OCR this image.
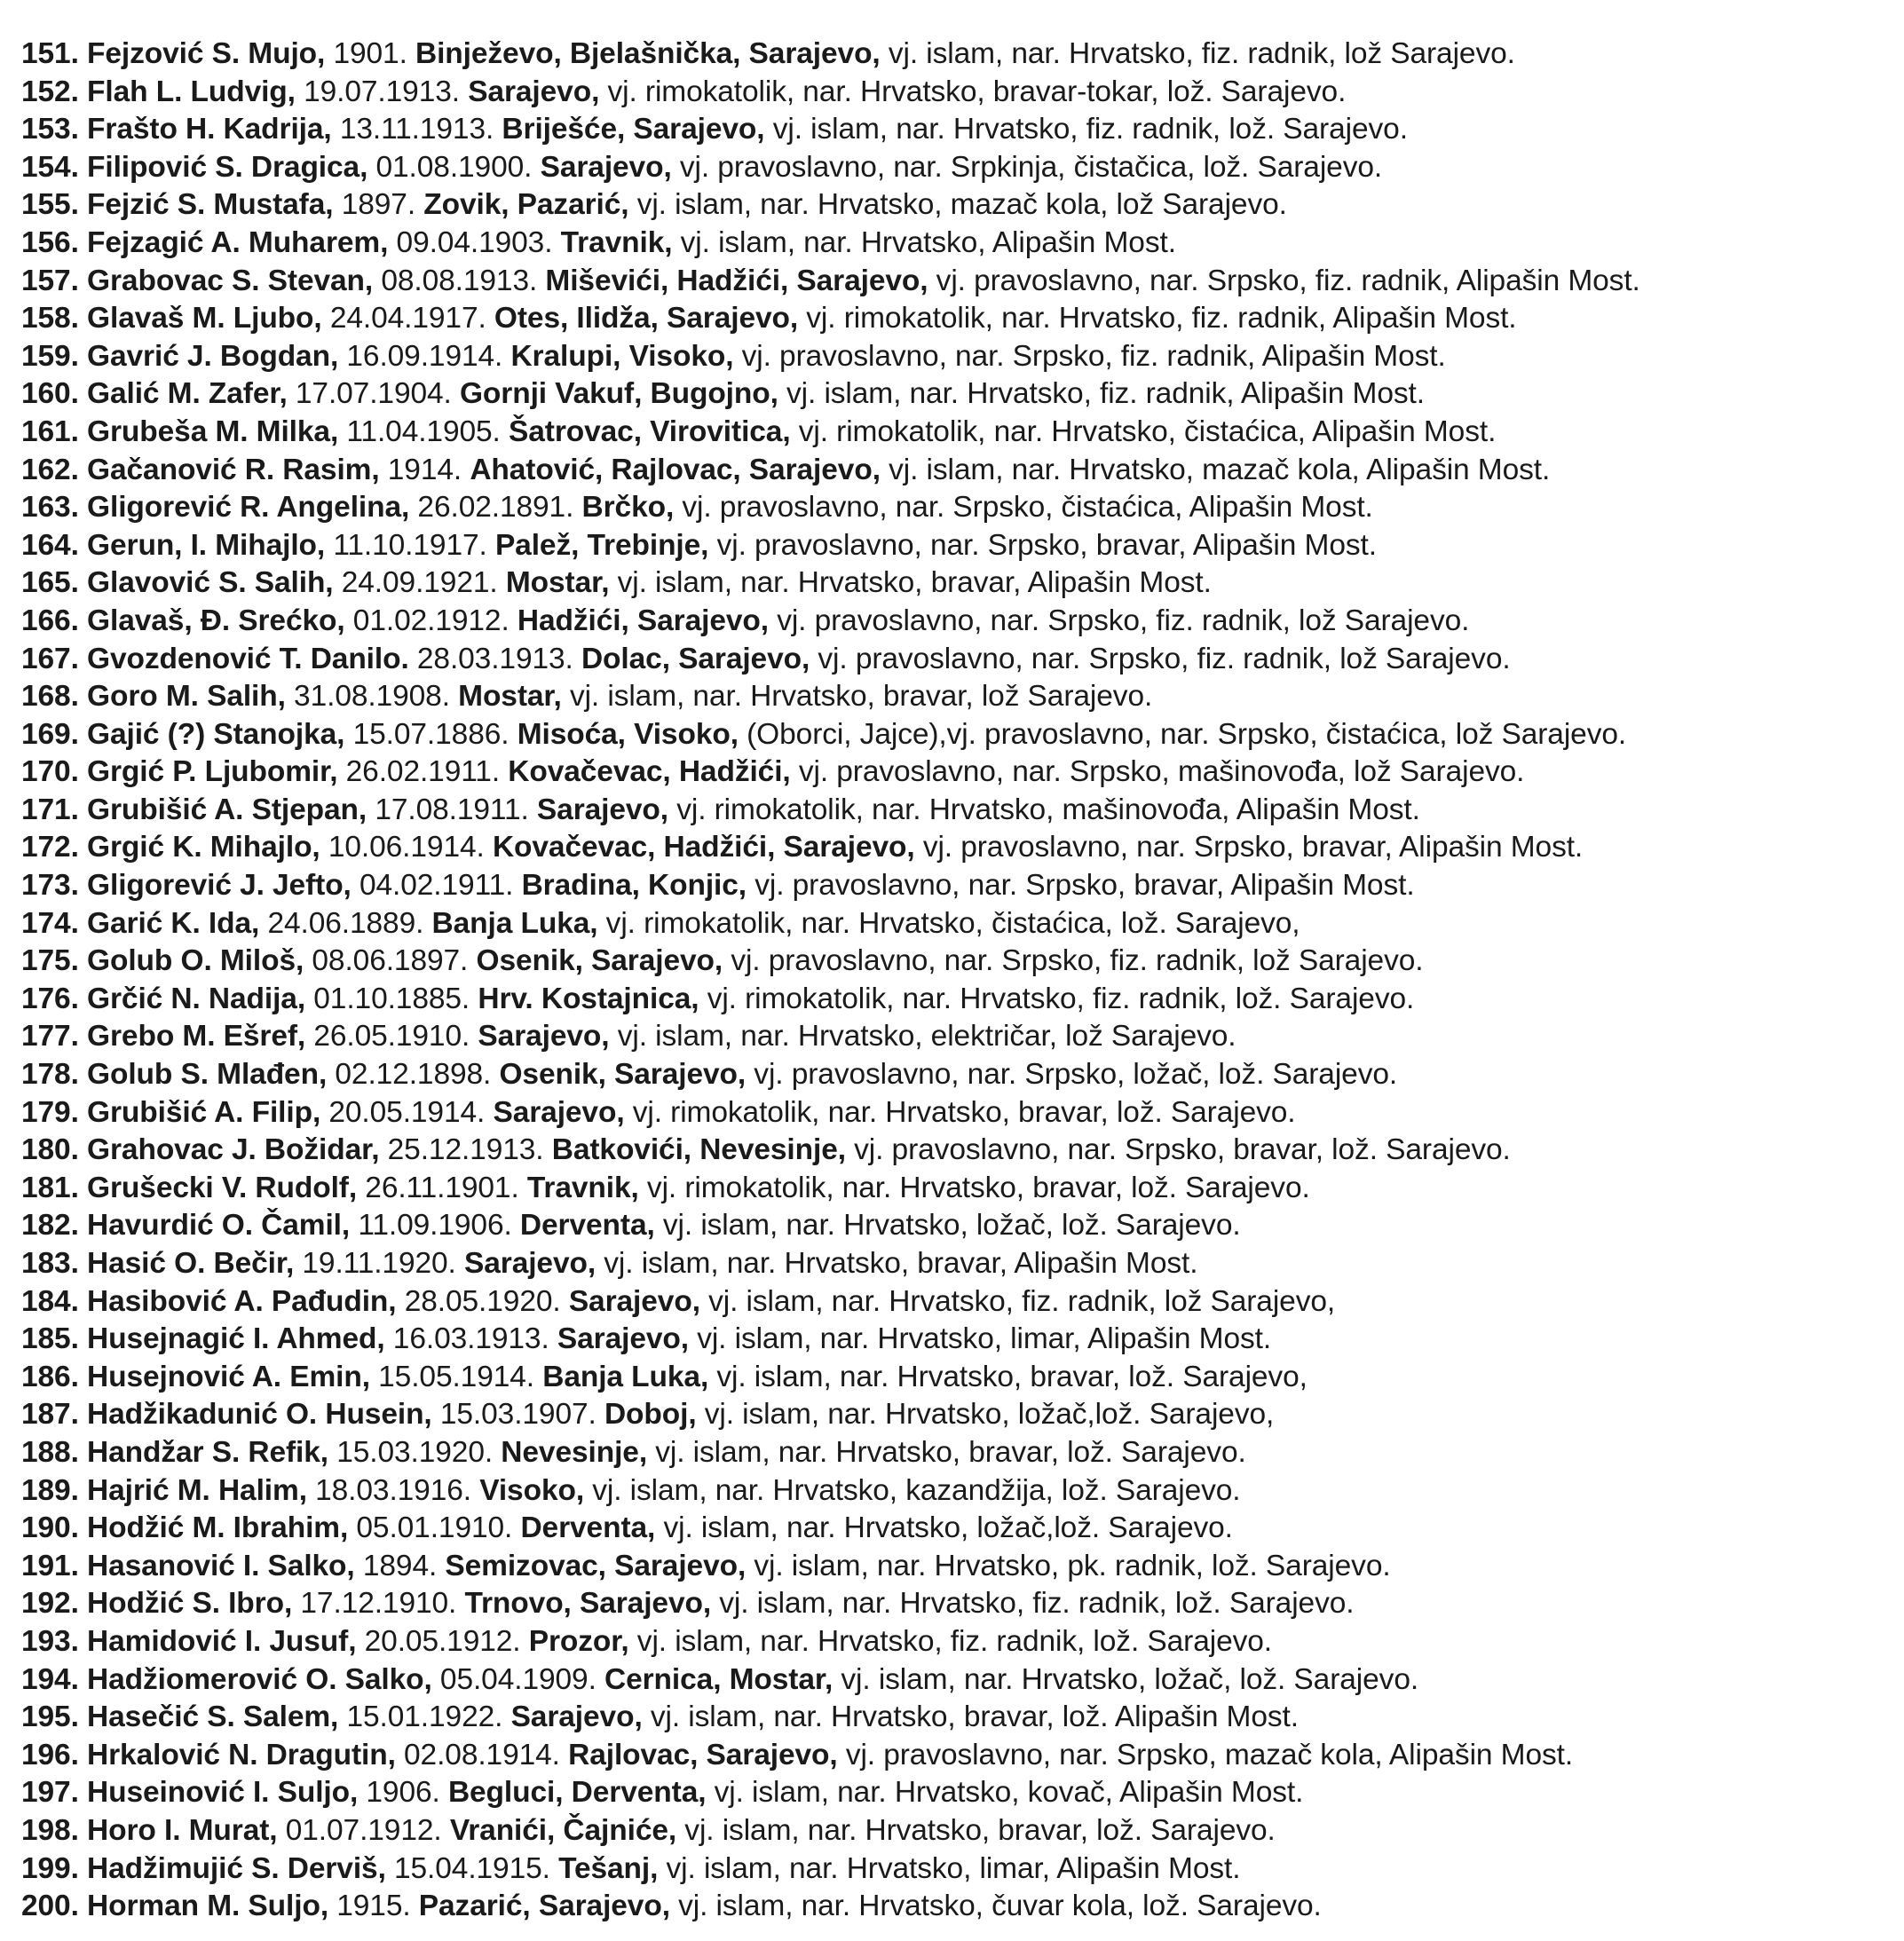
151. Fejzović S. Mujo, 1901. Binježevo, Bjelašnička, Sarajevo, vj. islam, nar. Hrvatsko, fiz. radnik, lož Sarajevo.
152. Flah L. Ludvig, 19.07.1913. Sarajevo, vj. rimokatolik, nar. Hrvatsko, bravar-tokar, lož. Sarajevo.
153. Frašto H. Kadrija, 13.11.1913. Briješće, Sarajevo, vj. islam, nar. Hrvatsko, fiz. radnik, lož. Sarajevo.
154. Filipović S. Dragica, 01.08.1900. Sarajevo, vj. pravoslavno, nar. Srpkinja, čistačica, lož. Sarajevo.
155. Fejzić S. Mustafa, 1897. Zovik, Pazarić, vj. islam, nar. Hrvatsko, mazač kola, lož Sarajevo.
156. Fejzagić A. Muharem, 09.04.1903. Travnik, vj. islam, nar. Hrvatsko, Alipašin Most.
157. Grabovac S. Stevan, 08.08.1913. Miševići, Hadžići, Sarajevo, vj. pravoslavno, nar. Srpsko, fiz. radnik, Alipašin Most.
158. Glavaš M. Ljubo, 24.04.1917. Otes, Ilidža, Sarajevo, vj. rimokatolik, nar. Hrvatsko, fiz. radnik, Alipašin Most.
159. Gavrić J. Bogdan, 16.09.1914. Kralupi, Visoko, vj. pravoslavno, nar. Srpsko, fiz. radnik, Alipašin Most.
160. Galić M. Zafer, 17.07.1904. Gornji Vakuf, Bugojno, vj. islam, nar. Hrvatsko, fiz. radnik, Alipašin Most.
161. Grubeša M. Milka, 11.04.1905. Šatrovac, Virovitica, vj. rimokatolik, nar. Hrvatsko, čistaćica, Alipašin Most.
162. Gačanović R. Rasim, 1914. Ahatović, Rajlovac, Sarajevo, vj. islam, nar. Hrvatsko, mazač kola, Alipašin Most.
163. Gligorević R. Angelina, 26.02.1891. Brčko, vj. pravoslavno, nar. Srpsko, čistaćica, Alipašin Most.
164. Gerun, I. Mihajlo, 11.10.1917. Palež, Trebinje, vj. pravoslavno, nar. Srpsko, bravar, Alipašin Most.
165. Glavović S. Salih, 24.09.1921. Mostar, vj. islam, nar. Hrvatsko, bravar, Alipašin Most.
166. Glavaš, Đ. Srećko, 01.02.1912. Hadžići, Sarajevo, vj. pravoslavno, nar. Srpsko, fiz. radnik, lož Sarajevo.
167. Gvozdenović T. Danilo. 28.03.1913. Dolac, Sarajevo, vj. pravoslavno, nar. Srpsko, fiz. radnik, lož Sarajevo.
168. Goro M. Salih, 31.08.1908. Mostar, vj. islam, nar. Hrvatsko, bravar, lož Sarajevo.
169. Gajić (?) Stanojka, 15.07.1886. Misoća, Visoko, (Oborci, Jajce),vj. pravoslavno, nar. Srpsko, čistaćica, lož Sarajevo.
170. Grgić P. Ljubomir, 26.02.1911. Kovačevac, Hadžići, vj. pravoslavno, nar. Srpsko, mašinovođa, lož Sarajevo.
171. Grubišić A. Stjepan, 17.08.1911. Sarajevo, vj. rimokatolik, nar. Hrvatsko, mašinovođa, Alipašin Most.
172. Grgić K. Mihajlo, 10.06.1914. Kovačevac, Hadžići, Sarajevo, vj. pravoslavno, nar. Srpsko, bravar, Alipašin Most.
173. Gligorević J. Jefto, 04.02.1911. Bradina, Konjic, vj. pravoslavno, nar. Srpsko, bravar, Alipašin Most.
174. Garić K. Ida, 24.06.1889. Banja Luka, vj. rimokatolik, nar. Hrvatsko, čistaćica, lož. Sarajevo,
175. Golub O. Miloš, 08.06.1897. Osenik, Sarajevo, vj. pravoslavno, nar. Srpsko, fiz. radnik, lož Sarajevo.
176. Grčić N. Nadija, 01.10.1885. Hrv. Kostajnica, vj. rimokatolik, nar. Hrvatsko, fiz. radnik, lož. Sarajevo.
177. Grebo M. Ešref, 26.05.1910. Sarajevo, vj. islam, nar. Hrvatsko, električar, lož Sarajevo.
178. Golub S. Mlađen, 02.12.1898. Osenik, Sarajevo, vj. pravoslavno, nar. Srpsko, ložač, lož. Sarajevo.
179. Grubišić A. Filip, 20.05.1914. Sarajevo, vj. rimokatolik, nar. Hrvatsko, bravar, lož. Sarajevo.
180. Grahovac J. Božidar, 25.12.1913. Batkovići, Nevesinje, vj. pravoslavno, nar. Srpsko, bravar, lož. Sarajevo.
181. Grušecki V. Rudolf, 26.11.1901. Travnik, vj. rimokatolik, nar. Hrvatsko, bravar, lož. Sarajevo.
182. Havurdić O. Čamil, 11.09.1906. Derventa, vj. islam, nar. Hrvatsko, ložač, lož. Sarajevo.
183. Hasić O. Bečir, 19.11.1920. Sarajevo, vj. islam, nar. Hrvatsko, bravar, Alipašin Most.
184. Hasibović A. Pađudin, 28.05.1920. Sarajevo, vj. islam, nar. Hrvatsko, fiz. radnik, lož Sarajevo,
185. Husejnagić I. Ahmed, 16.03.1913. Sarajevo, vj. islam, nar. Hrvatsko, limar, Alipašin Most.
186. Husejnović A. Emin, 15.05.1914. Banja Luka, vj. islam, nar. Hrvatsko, bravar, lož. Sarajevo,
187. Hadžikadunić O. Husein, 15.03.1907. Doboj, vj. islam, nar. Hrvatsko, ložač,lož. Sarajevo,
188. Handžar S. Refik, 15.03.1920. Nevesinje, vj. islam, nar. Hrvatsko, bravar, lož. Sarajevo.
189. Hajrić M. Halim, 18.03.1916. Visoko, vj. islam, nar. Hrvatsko, kazandžija, lož. Sarajevo.
190. Hodžić M. Ibrahim, 05.01.1910. Derventa, vj. islam, nar. Hrvatsko, ložač,lož. Sarajevo.
191. Hasanović I. Salko, 1894. Semizovac, Sarajevo, vj. islam, nar. Hrvatsko, pk. radnik, lož. Sarajevo.
192. Hodžić S. Ibro, 17.12.1910. Trnovo, Sarajevo, vj. islam, nar. Hrvatsko, fiz. radnik, lož. Sarajevo.
193. Hamidović I. Jusuf, 20.05.1912. Prozor, vj. islam, nar. Hrvatsko, fiz. radnik, lož. Sarajevo.
194. Hadžiomerović O. Salko, 05.04.1909. Cernica, Mostar, vj. islam, nar. Hrvatsko, ložač, lož. Sarajevo.
195. Hasečić S. Salem, 15.01.1922. Sarajevo, vj. islam, nar. Hrvatsko, bravar, lož. Alipašin Most.
196. Hrkalović N. Dragutin, 02.08.1914. Rajlovac, Sarajevo, vj. pravoslavno, nar. Srpsko, mazač kola, Alipašin Most.
197. Huseinović I. Suljo, 1906. Begluci, Derventa, vj. islam, nar. Hrvatsko, kovač, Alipašin Most.
198. Horo I. Murat, 01.07.1912. Vranići, Čajniće, vj. islam, nar. Hrvatsko, bravar, lož. Sarajevo.
199. Hadžimujić S. Derviš, 15.04.1915. Tešanj, vj. islam, nar. Hrvatsko, limar, Alipašin Most.
200. Horman M. Suljo, 1915. Pazarić, Sarajevo, vj. islam, nar. Hrvatsko, čuvar kola, lož. Sarajevo.
